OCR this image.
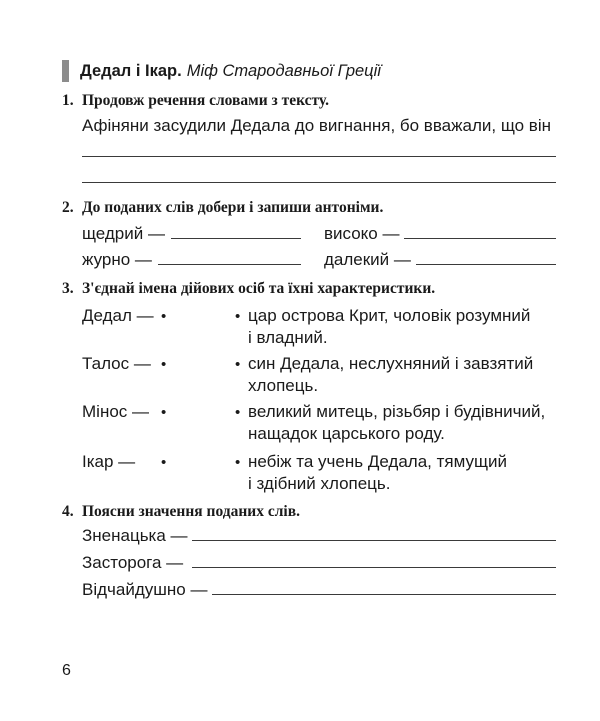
Дедал і Ікар. Міф Стародавньої Греції
1. Продовж речення словами з тексту.
Афіняни засудили Дедала до вигнання, бо вважали, що він
2. До поданих слів добери і запиши антоніми.
щедрий —	високо —
журно —	далекий —
3. З'єднай імена дійових осіб та їхні характеристики.
Дедал — •	• цар острова Крит, чоловік розумний
і владний.
Талос — •	• син Дедала, неслухняний і завзятий
хлопець.
Мінос — •	• великий митець, різьбяр і будівничий,
нащадок царського роду.
Ікар — •	• небіж та учень Дедала, тямущий
і здібний хлопець.
4. Поясни значення поданих слів.
Зненацька —
Засторога —
Відчайдушно —
6
